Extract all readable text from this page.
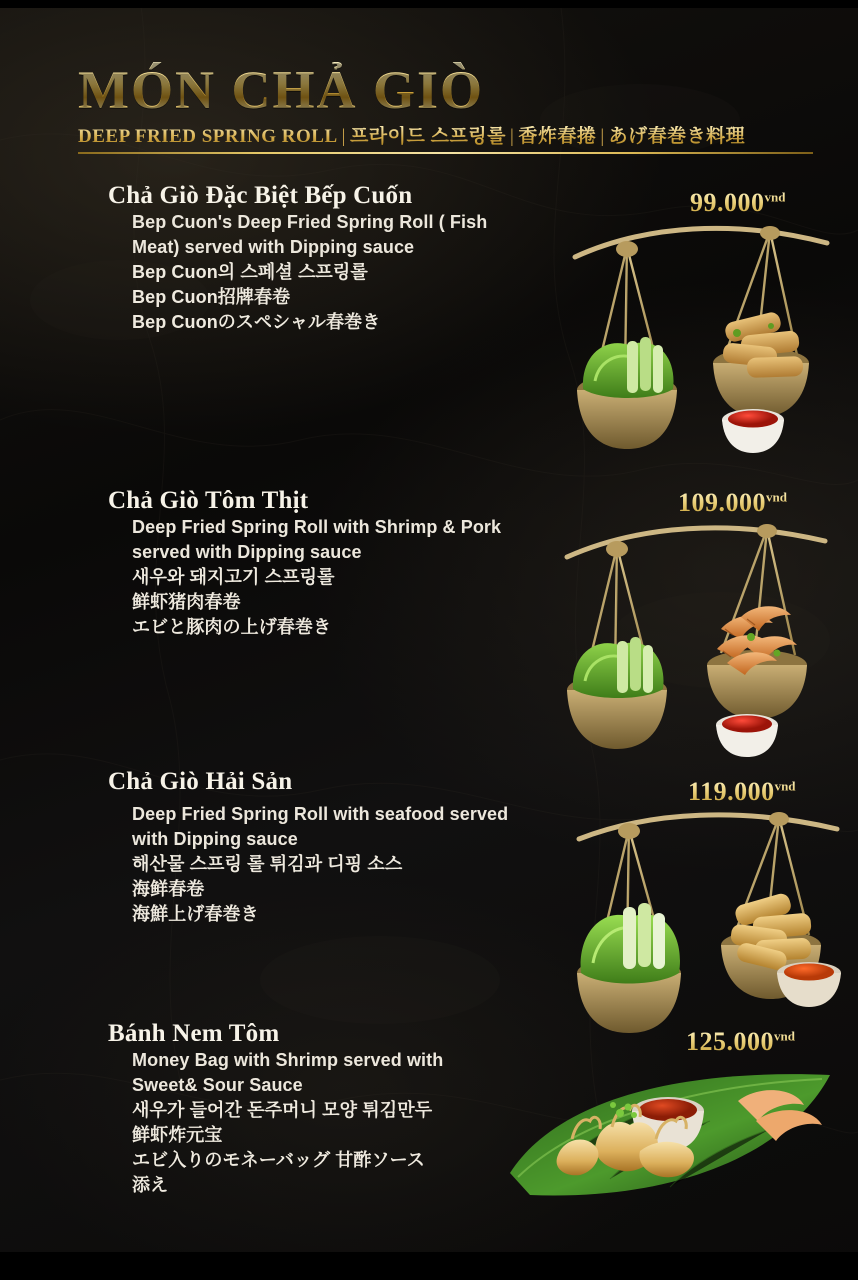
MÓN CHẢ GIÒ
DEEP FRIED SPRING ROLL | 프라이드 스프링롤 | 香炸春捲 | あげ春巻き料理
Chả Giò Đặc Biệt Bếp Cuốn
Bep Cuon's Deep Fried Spring Roll ( Fish
Meat) served with Dipping sauce
Bep Cuon의 스페셜 스프링롤
Bep Cuon招牌春卷
Bep Cuonのスペシャル春巻き
$99.000^{vnd}$
Chả Giò Tôm Thịt
Deep Fried Spring Roll with Shrimp & Pork
served with Dipping sauce
새우와 돼지고기 스프링롤
鲜虾猪肉春卷
エビと豚肉の上げ春巻き
$109.000^{vnd}$
Chả Giò Hải Sản
Deep Fried Spring Roll with seafood served
with Dipping sauce
해산물 스프링 롤 튀김과 디핑 소스
海鲜春卷
海鮮上げ春巻き
$119.000^{vnd}$
Bánh Nem Tôm
Money Bag with Shrimp served with
Sweet& Sour Sauce
새우가 들어간 돈주머니 모양 튀김만두
鲜虾炸元宝
エビ入りのモネーバッグ 甘酢ソース
添え
$125.000^{vnd}$
